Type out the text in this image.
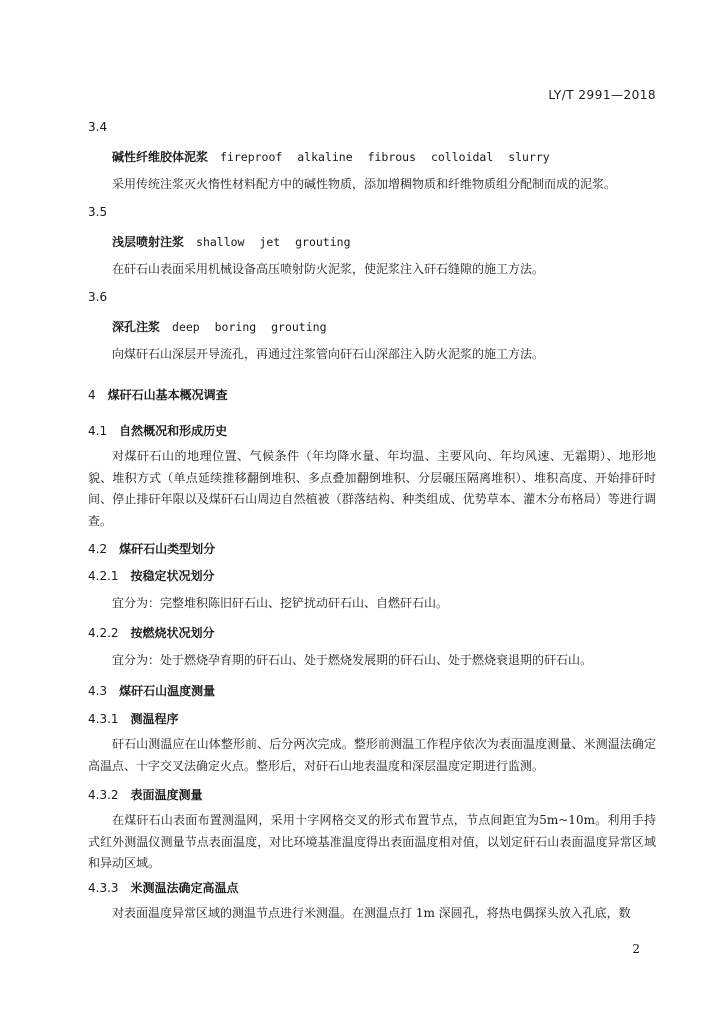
LY/T 2991—2018
3.4
碱性纤维胶体泥浆 fireproof alkaline fibrous colloidal slurry
采用传统注浆灭火惰性材料配方中的碱性物质，添加增稠物质和纤维物质组分配制而成的泥浆。
3.5
浅层喷射注浆 shallow jet grouting
在矸石山表面采用机械设备高压喷射防火泥浆，使泥浆注入矸石缝隙的施工方法。
3.6
深孔注浆 deep boring grouting
向煤矸石山深层开导流孔，再通过注浆管向矸石山深部注入防火泥浆的施工方法。
4 煤矸石山基本概况调查
4.1 自然概况和形成历史
对煤矸石山的地理位置、气候条件（年均降水量、年均温、主要风向、年均风速、无霜期）、地形地貌、堆积方式（单点延续推移翻倒堆积、多点叠加翻倒堆积、分层碾压隔离堆积）、堆积高度、开始排矸时间、停止排矸年限以及煤矸石山周边自然植被（群落结构、种类组成、优势草本、灌木分布格局）等进行调查。
4.2 煤矸石山类型划分
4.2.1 按稳定状况划分
宜分为：完整堆积陈旧矸石山、挖铲扰动矸石山、自燃矸石山。
4.2.2 按燃烧状况划分
宜分为：处于燃烧孕育期的矸石山、处于燃烧发展期的矸石山、处于燃烧衰退期的矸石山。
4.3 煤矸石山温度测量
4.3.1 测温程序
矸石山测温应在山体整形前、后分两次完成。整形前测温工作程序依次为表面温度测量、米测温法确定高温点、十字交叉法确定火点。整形后，对矸石山地表温度和深层温度定期进行监测。
4.3.2 表面温度测量
在煤矸石山表面布置测温网，采用十字网格交叉的形式布置节点，节点间距宜为5m~10m。利用手持式红外测温仪测量节点表面温度，对比环境基准温度得出表面温度相对值，以划定矸石山表面温度异常区域和异动区域。
4.3.3 米测温法确定高温点
对表面温度异常区域的测温节点进行米测温。在测温点打 1m 深圆孔，将热电偶探头放入孔底，数
2
